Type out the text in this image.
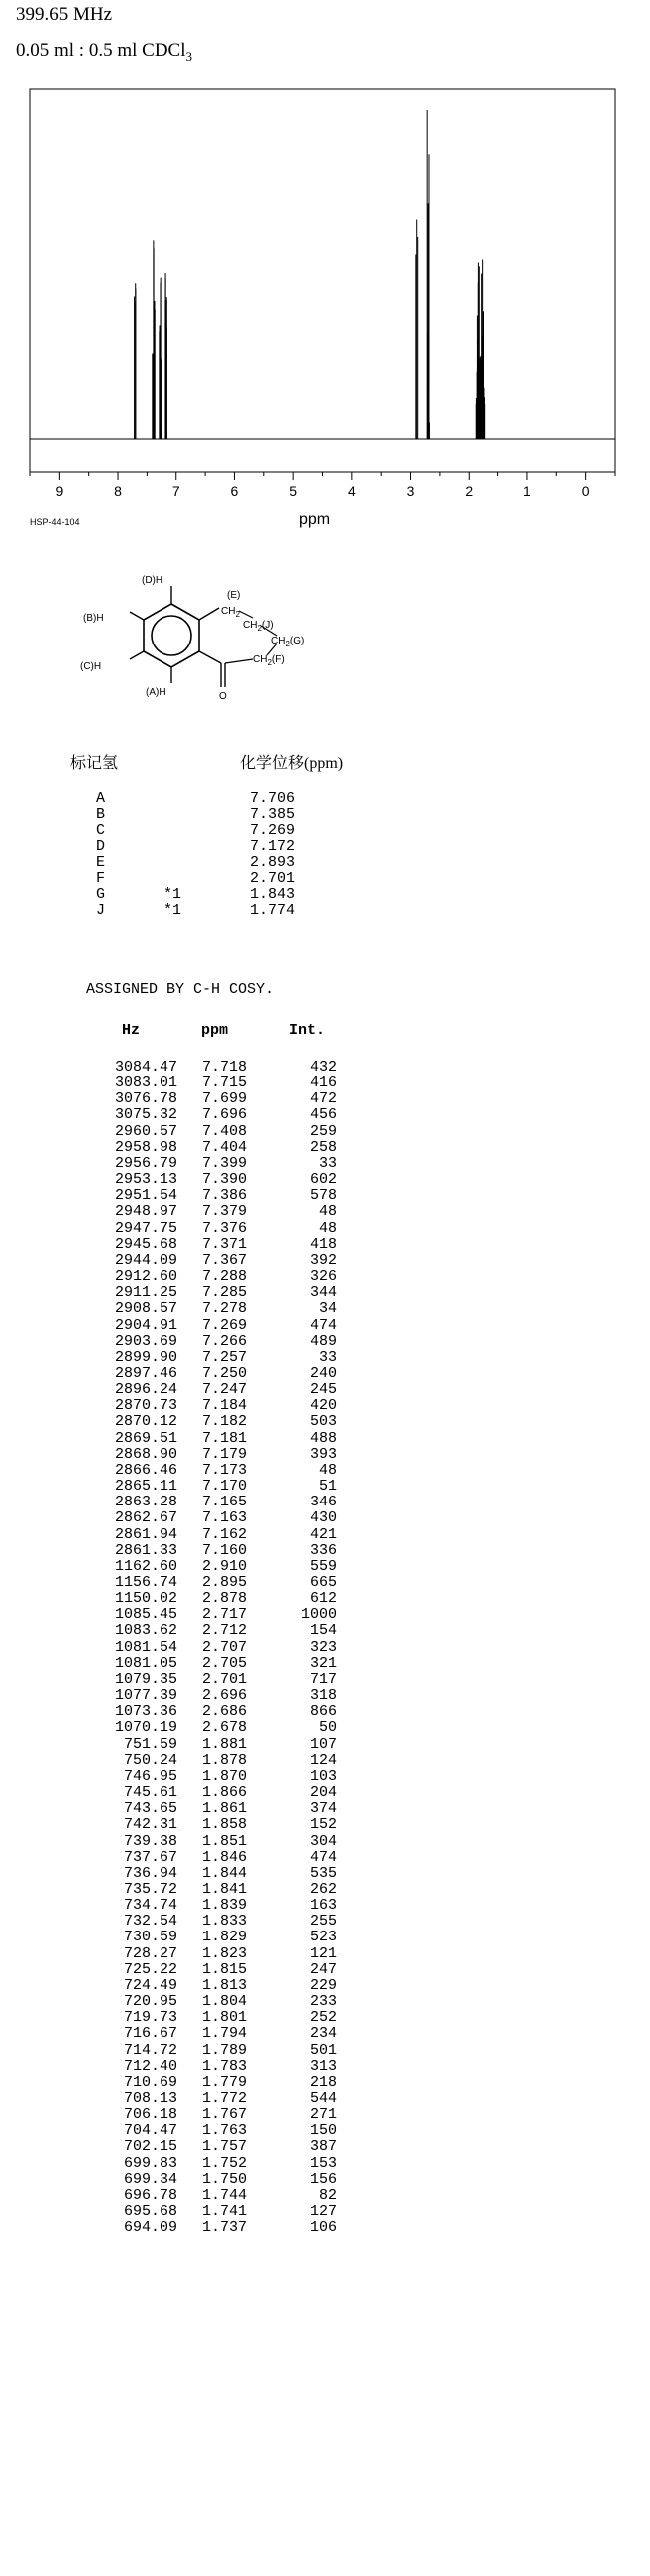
399.65 MHz
0.05 ml : 0.5 ml CDCl$_3$
9	8	7	6	5	4	3	2	1	0
HSP-44-104	ppm
(D)H
(B)H
(C)H
(A)H
(E)
$CH_2$
$CH_2(J)$
$CH_2(G)$
$CH_2(F)$
O
标记氢	化学位移(ppm)
A	7.706
B	7.385
C	7.269
D	7.172
E	2.893
F	2.701
G	*1	1.843
J	*1	1.774
ASSIGNED BY C-H COSY.
Hz	ppm	Int.
3084.47	7.718	432
3083.01	7.715	416
3076.78	7.699	472
3075.32	7.696	456
2960.57	7.408	259
2958.98	7.404	258
2956.79	7.399	33
2953.13	7.390	602
2951.54	7.386	578
2948.97	7.379	48
2947.75	7.376	48
2945.68	7.371	418
2944.09	7.367	392
2912.60	7.288	326
2911.25	7.285	344
2908.57	7.278	34
2904.91	7.269	474
2903.69	7.266	489
2899.90	7.257	33
2897.46	7.250	240
2896.24	7.247	245
2870.73	7.184	420
2870.12	7.182	503
2869.51	7.181	488
2868.90	7.179	393
2866.46	7.173	48
2865.11	7.170	51
2863.28	7.165	346
2862.67	7.163	430
2861.94	7.162	421
2861.33	7.160	336
1162.60	2.910	559
1156.74	2.895	665
1150.02	2.878	612
1085.45	2.717	1000
1083.62	2.712	154
1081.54	2.707	323
1081.05	2.705	321
1079.35	2.701	717
1077.39	2.696	318
1073.36	2.686	866
1070.19	2.678	50
751.59	1.881	107
750.24	1.878	124
746.95	1.870	103
745.61	1.866	204
743.65	1.861	374
742.31	1.858	152
739.38	1.851	304
737.67	1.846	474
736.94	1.844	535
735.72	1.841	262
734.74	1.839	163
732.54	1.833	255
730.59	1.829	523
728.27	1.823	121
725.22	1.815	247
724.49	1.813	229
720.95	1.804	233
719.73	1.801	252
716.67	1.794	234
714.72	1.789	501
712.40	1.783	313
710.69	1.779	218
708.13	1.772	544
706.18	1.767	271
704.47	1.763	150
702.15	1.757	387
699.83	1.752	153
699.34	1.750	156
696.78	1.744	82
695.68	1.741	127
694.09	1.737	106
